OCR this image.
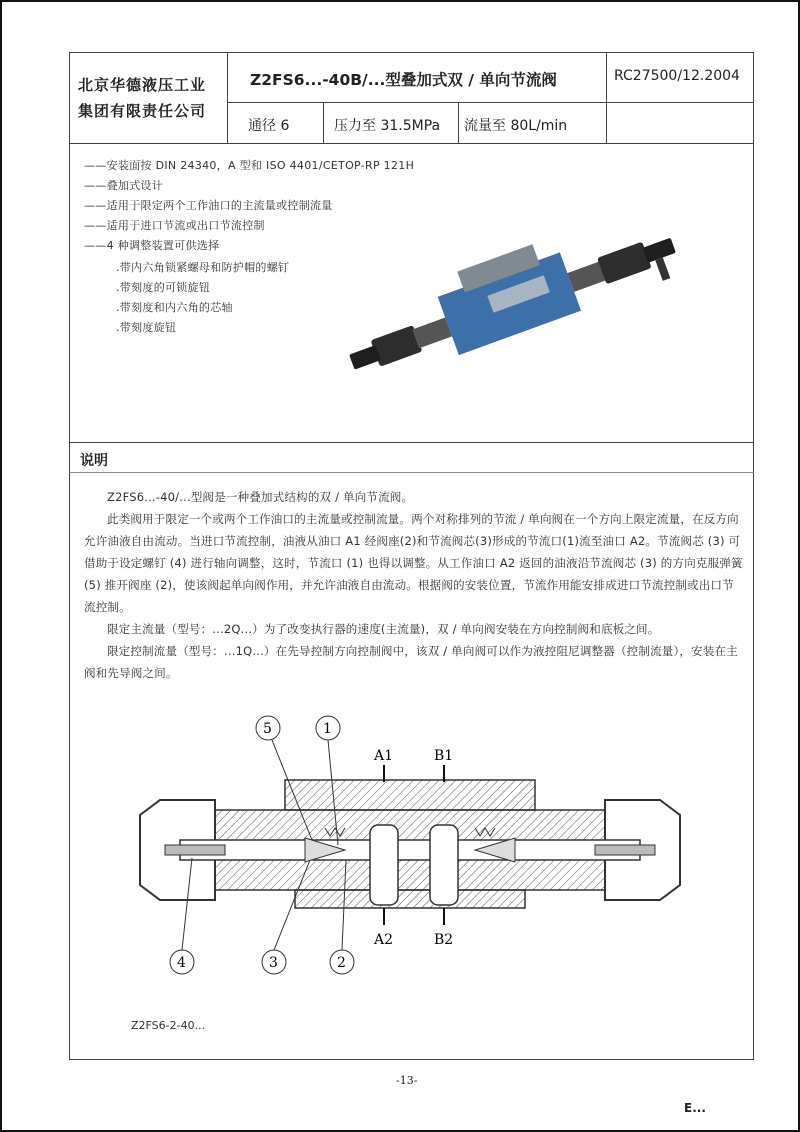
北京华德液压工业
集团有限责任公司
Z2FS6...-40B/...型叠加式双 / 单向节流阀	RC27500/12.2004
通径 6	压力至 31.5MPa 流量至 80L/min
——安装面按 DIN 24340，A 型和 ISO 4401/CETOP-RP 121H
——叠加式设计
——适用于限定两个工作油口的主流量或控制流量
——适用于进口节流或出口节流控制
——4 种调整装置可供选择
.带内六角锁紧螺母和防护帽的螺钉
.带刻度的可锁旋钮
.带刻度和内六角的芯轴
.带刻度旋钮
说明

Z2FS6...-40/...型阀是一种叠加式结构的双 / 单向节流阀。

此类阀用于限定一个或两个工作油口的主流量或控制流量。两个对称排列的节流 / 单向阀在一个方向上限定流量，在反方向允许油液自由流动。当进口节流控制，油液从油口 A1 经阀座(2)和节流阀芯(3)形成的节流口(1)流至油口 A2。节流阀芯 (3) 可借助于设定螺钉 (4) 进行轴向调整，这时，节流口 (1) 也得以调整。从工作油口 A2 返回的油液沿节流阀芯 (3) 的方向克服弹簧 (5) 推开阀座 (2)，使该阀起单向阀作用，并允许油液自由流动。根据阀的安装位置，节流作用能安排成进口节流控制或出口节流控制。

限定主流量（型号：...2Q...）为了改变执行器的速度(主流量)，双 / 单向阀安装在方向控制阀和底板之间。

限定控制流量（型号：...1Q...）在先导控制方向控制阀中，该双 / 单向阀可以作为液控阻尼调整器（控制流量），安装在主阀和先导阀之间。

A1	B1
A2	B2
5	1
4	3	2
Z2FS6-2-40...
-13-
E...
